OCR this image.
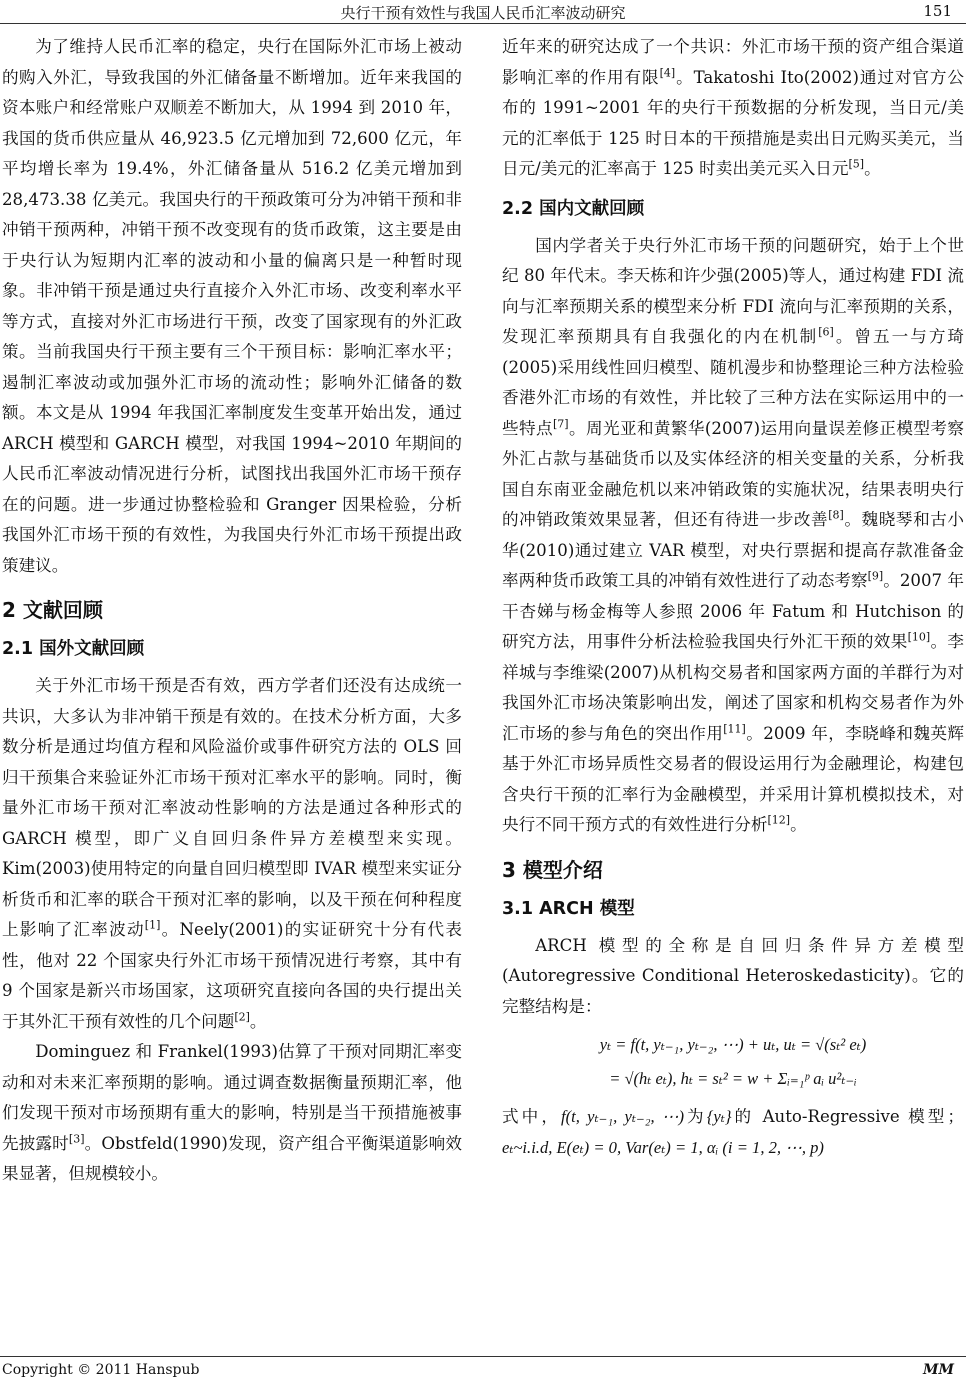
央行干预有效性与我国人民币汇率波动研究	151

为了维持人民币汇率的稳定，央行在国际外汇市场上被动的购入外汇，导致我国的外汇储备量不断增加。近年来我国的资本账户和经常账户双顺差不断加大，从 1994 到 2010 年，我国的货币供应量从 46,923.5 亿元增加到 72,600 亿元，年平均增长率为 19.4%，外汇储备量从 516.2 亿美元增加到 28,473.38 亿美元。我国央行的干预政策可分为冲销干预和非冲销干预两种，冲销干预不改变现有的货币政策，这主要是由于央行认为短期内汇率的波动和小量的偏离只是一种暂时现象。非冲销干预是通过央行直接介入外汇市场、改变利率水平等方式，直接对外汇市场进行干预，改变了国家现有的外汇政策。当前我国央行干预主要有三个干预目标：影响汇率水平；遏制汇率波动或加强外汇市场的流动性；影响外汇储备的数额。本文是从 1994 年我国汇率制度发生变革开始出发，通过 ARCH 模型和 GARCH 模型，对我国 1994~2010 年期间的人民币汇率波动情况进行分析，试图找出我国外汇市场干预存在的问题。进一步通过协整检验和 Granger 因果检验，分析我国外汇市场干预的有效性，为我国央行外汇市场干预提出政策建议。

2 文献回顾
2.1 国外文献回顾

关于外汇市场干预是否有效，西方学者们还没有达成统一共识，大多认为非冲销干预是有效的。在技术分析方面，大多数分析是通过均值方程和风险溢价或事件研究方法的 OLS 回归干预集合来验证外汇市场干预对汇率水平的影响。同时，衡量外汇市场干预对汇率波动性影响的方法是通过各种形式的 GARCH 模型，即广义自回归条件异方差模型来实现。Kim(2003)使用特定的向量自回归模型即 IVAR 模型来实证分析货币和汇率的联合干预对汇率的影响，以及干预在何种程度上影响了汇率波动[1]。Neely(2001)的实证研究十分有代表性，他对 22 个国家央行外汇市场干预情况进行考察，其中有 9 个国家是新兴市场国家，这项研究直接向各国的央行提出关于其外汇干预有效性的几个问题[2]。

Dominguez 和 Frankel(1993)估算了干预对同期汇率变动和对未来汇率预期的影响。通过调查数据衡量预期汇率，他们发现干预对市场预期有重大的影响，特别是当干预措施被事先披露时[3]。Obstfeld(1990)发现，资产组合平衡渠道影响效果显著，但规模较小。

近年来的研究达成了一个共识：外汇市场干预的资产组合渠道影响汇率的作用有限[4]。Takatoshi Ito(2002)通过对官方公布的 1991~2001 年的央行干预数据的分析发现，当日元/美元的汇率低于 125 时日本的干预措施是卖出日元购买美元，当日元/美元的汇率高于 125 时卖出美元买入日元[5]。

2.2 国内文献回顾

国内学者关于央行外汇市场干预的问题研究，始于上个世纪 80 年代末。李天栋和许少强(2005)等人，通过构建 FDI 流向与汇率预期关系的模型来分析 FDI 流向与汇率预期的关系，发现汇率预期具有自我强化的内在机制[6]。曾五一与方琦(2005)采用线性回归模型、随机漫步和协整理论三种方法检验香港外汇市场的有效性，并比较了三种方法在实际运用中的一些特点[7]。周光亚和黄繁华(2007)运用向量误差修正模型考察外汇占款与基础货币以及实体经济的相关变量的关系，分析我国自东南亚金融危机以来冲销政策的实施状况，结果表明央行的冲销政策效果显著，但还有待进一步改善[8]。魏晓琴和古小华(2010)通过建立 VAR 模型，对央行票据和提高存款准备金率两种货币政策工具的冲销有效性进行了动态考察[9]。2007 年干杏娣与杨金梅等人参照 2006 年 Fatum 和 Hutchison 的研究方法，用事件分析法检验我国央行外汇干预的效果[10]。李祥城与李维梁(2007)从机构交易者和国家两方面的羊群行为对我国外汇市场决策影响出发，阐述了国家和机构交易者作为外汇市场的参与角色的突出作用[11]。2009 年，李晓峰和魏英辉基于外汇市场异质性交易者的假设运用行为金融理论，构建包含央行干预的汇率行为金融模型，并采用计算机模拟技术，对央行不同干预方式的有效性进行分析[12]。

3 模型介绍
3.1 ARCH 模型

ARCH 模型的全称是自回归条件异方差模型(Autoregressive Conditional Heteroskedasticity)。它的完整结构是：

yₜ = f(t, yₜ₋₁, yₜ₋₂, ⋯) + uₜ, uₜ = √(sₜ² eₜ)
= √(hₜ eₜ), hₜ = sₜ² = w + Σᵢ₌₁ᵖ aᵢ u²ₜ₋ᵢ

式中，f(t, yₜ₋₁, yₜ₋₂, ⋯)为{yₜ}的 Auto-Regressive 模型；eₜ~i.i.d, E(eₜ) = 0, Var(eₜ) = 1, αᵢ (i = 1, 2, ⋯, p)

Copyright © 2011 Hanspub	MM
